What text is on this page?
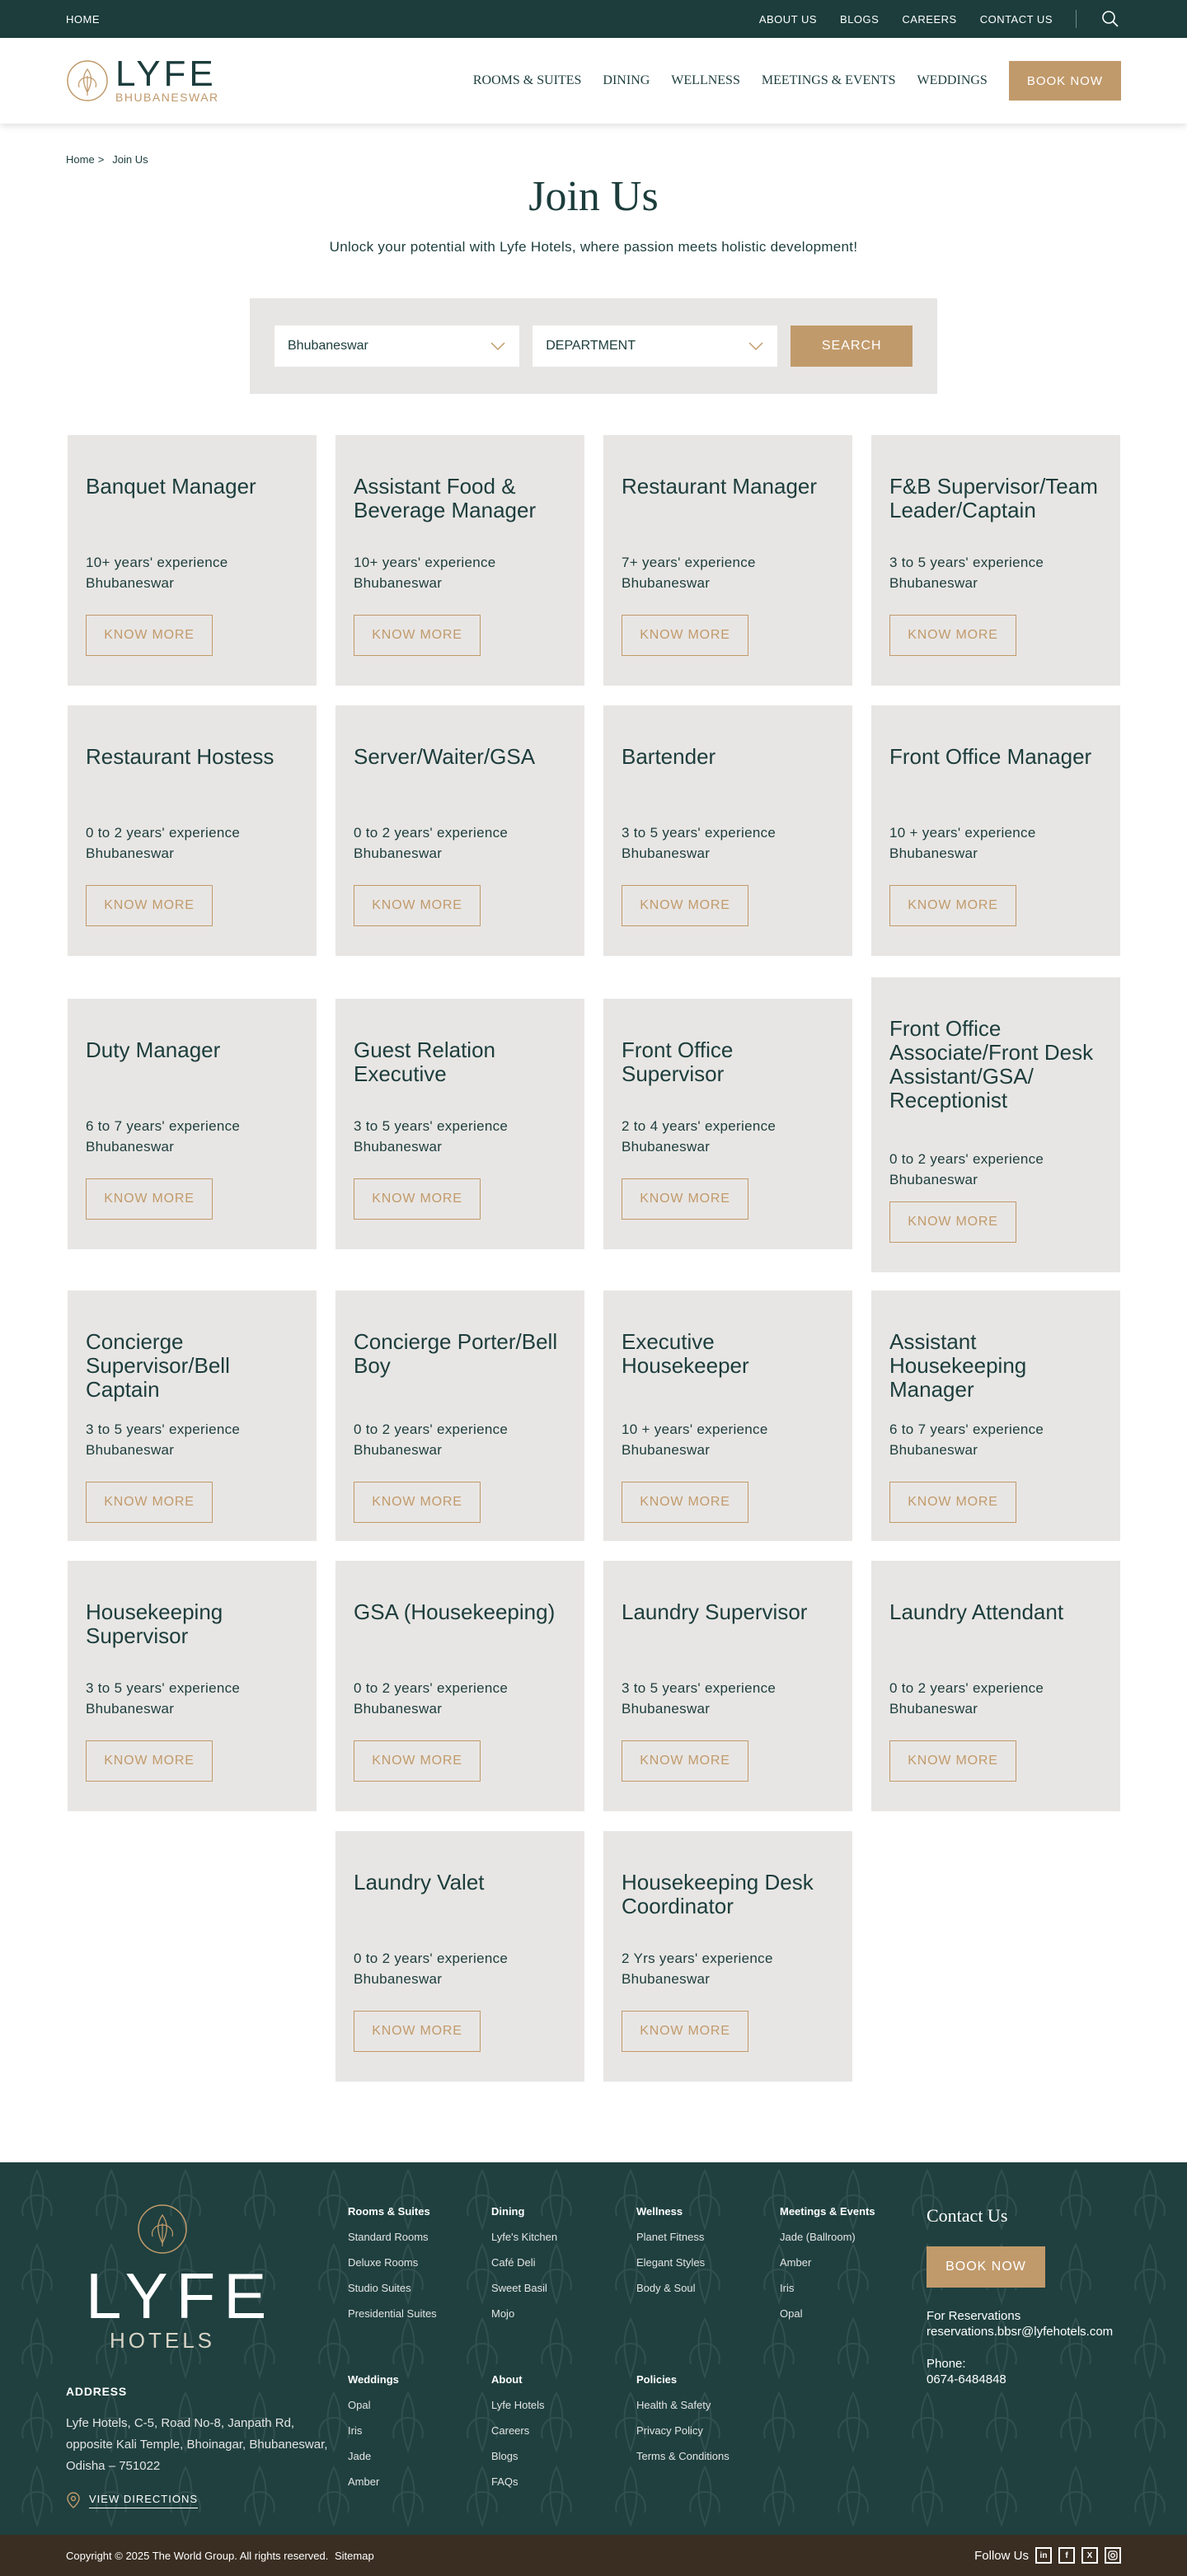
HOME	ABOUT US BLOGS CAREERS CONTACT US
LYFE
BHUBANESWAR
ROOMS & SUITES DINING WELLNESS MEETINGS & EVENTS WEDDINGS	BOOK NOW
Home > Join Us
Join Us

Unlock your potential with Lyfe Hotels, where passion meets holistic development!

Bhubaneswar	DEPARTMENT	SEARCH
Banquet Manager
10+ years' experience
Bhubaneswar
KNOW MORE
Assistant Food & Beverage Manager
10+ years' experience
Bhubaneswar
KNOW MORE
Restaurant Manager
7+ years' experience
Bhubaneswar
KNOW MORE
F&B Supervisor/Team Leader/Captain
3 to 5 years' experience
Bhubaneswar
KNOW MORE
Restaurant Hostess
0 to 2 years' experience
Bhubaneswar
KNOW MORE
Server/Waiter/GSA
0 to 2 years' experience
Bhubaneswar
KNOW MORE
Bartender
3 to 5 years' experience
Bhubaneswar
KNOW MORE
Front Office Manager
10 + years' experience
Bhubaneswar
KNOW MORE
Duty Manager
6 to 7 years' experience
Bhubaneswar
KNOW MORE
Guest Relation Executive
3 to 5 years' experience
Bhubaneswar
KNOW MORE
Front Office Supervisor
2 to 4 years' experience
Bhubaneswar
KNOW MORE
Front Office Associate/Front Desk Assistant/GSA/ Receptionist
0 to 2 years' experience
Bhubaneswar
KNOW MORE
Concierge Supervisor/Bell Captain
3 to 5 years' experience
Bhubaneswar
KNOW MORE
Concierge Porter/Bell Boy
0 to 2 years' experience
Bhubaneswar
KNOW MORE
Executive Housekeeper
10 + years' experience
Bhubaneswar
KNOW MORE
Assistant Housekeeping Manager
6 to 7 years' experience
Bhubaneswar
KNOW MORE
Housekeeping Supervisor
3 to 5 years' experience
Bhubaneswar
KNOW MORE
GSA (Housekeeping)
0 to 2 years' experience
Bhubaneswar
KNOW MORE
Laundry Supervisor
3 to 5 years' experience
Bhubaneswar
KNOW MORE
Laundry Attendant
0 to 2 years' experience
Bhubaneswar
KNOW MORE
Laundry Valet
0 to 2 years' experience
Bhubaneswar
KNOW MORE
Housekeeping Desk Coordinator
2 Yrs years' experience
Bhubaneswar
KNOW MORE
LYFE
HOTELS
ADDRESS
Lyfe Hotels, C-5, Road No-8, Janpath Rd, opposite Kali Temple, Bhoinagar, Bhubaneswar, Odisha – 751022
VIEW DIRECTIONS
Rooms & Suites
Standard Rooms
Deluxe Rooms
Studio Suites
Presidential Suites
Dining
Lyfe's Kitchen
Café Deli
Sweet Basil
Mojo
Wellness
Planet Fitness
Elegant Styles
Body & Soul
Meetings & Events
Jade (Ballroom)
Amber
Iris
Opal
Weddings
Opal
Iris
Jade
Amber
About
Lyfe Hotels
Careers
Blogs
FAQs
Policies
Health & Safety
Privacy Policy
Terms & Conditions
Contact Us
BOOK NOW
For Reservations
reservations.bbsr@lyfehotels.com
Phone:
0674-6484848
Copyright © 2025 The World Group. All rights reserved. Sitemap	Follow Us	in	f	X
